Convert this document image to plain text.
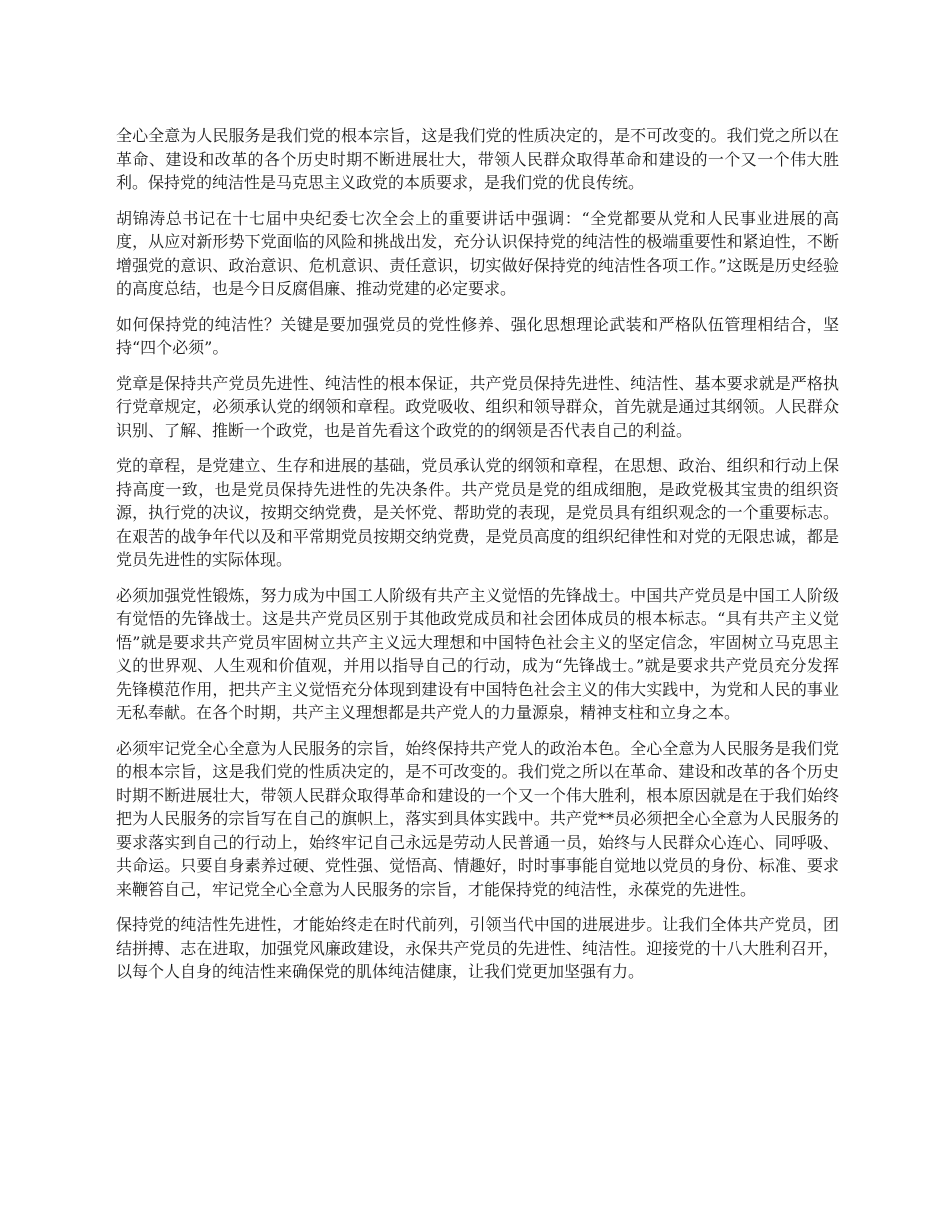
全心全意为人民服务是我们党的根本宗旨，这是我们党的性质决定的，是不可改变的。我们党之所以在革命、建设和改革的各个历史时期不断进展壮大，带领人民群众取得革命和建设的一个又一个伟大胜利。保持党的纯洁性是马克思主义政党的本质要求，是我们党的优良传统。

胡锦涛总书记在十七届中央纪委七次全会上的重要讲话中强调：“全党都要从党和人民事业进展的高度，从应对新形势下党面临的风险和挑战出发，充分认识保持党的纯洁性的极端重要性和紧迫性，不断增强党的意识、政治意识、危机意识、责任意识，切实做好保持党的纯洁性各项工作。”这既是历史经验的高度总结，也是今日反腐倡廉、推动党建的必定要求。

如何保持党的纯洁性？关键是要加强党员的党性修养、强化思想理论武装和严格队伍管理相结合，坚持“四个必须”。

党章是保持共产党员先进性、纯洁性的根本保证，共产党员保持先进性、纯洁性、基本要求就是严格执行党章规定，必须承认党的纲领和章程。政党吸收、组织和领导群众，首先就是通过其纲领。人民群众识别、了解、推断一个政党，也是首先看这个政党的的纲领是否代表自己的利益。

党的章程，是党建立、生存和进展的基础，党员承认党的纲领和章程，在思想、政治、组织和行动上保持高度一致，也是党员保持先进性的先决条件。共产党员是党的组成细胞，是政党极其宝贵的组织资源，执行党的决议，按期交纳党费，是关怀党、帮助党的表现，是党员具有组织观念的一个重要标志。在艰苦的战争年代以及和平常期党员按期交纳党费，是党员高度的组织纪律性和对党的无限忠诚，都是党员先进性的实际体现。

必须加强党性锻炼，努力成为中国工人阶级有共产主义觉悟的先锋战士。中国共产党员是中国工人阶级有觉悟的先锋战士。这是共产党员区别于其他政党成员和社会团体成员的根本标志。“具有共产主义觉悟”就是要求共产党员牢固树立共产主义远大理想和中国特色社会主义的坚定信念，牢固树立马克思主义的世界观、人生观和价值观，并用以指导自己的行动，成为“先锋战士。”就是要求共产党员充分发挥先锋模范作用，把共产主义觉悟充分体现到建设有中国特色社会主义的伟大实践中，为党和人民的事业无私奉献。在各个时期，共产主义理想都是共产党人的力量源泉，精神支柱和立身之本。

必须牢记党全心全意为人民服务的宗旨，始终保持共产党人的政治本色。全心全意为人民服务是我们党的根本宗旨，这是我们党的性质决定的，是不可改变的。我们党之所以在革命、建设和改革的各个历史时期不断进展壮大，带领人民群众取得革命和建设的一个又一个伟大胜利，根本原因就是在于我们始终把为人民服务的宗旨写在自己的旗帜上，落实到具体实践中。共产党**员必须把全心全意为人民服务的要求落实到自己的行动上，始终牢记自己永远是劳动人民普通一员，始终与人民群众心连心、同呼吸、共命运。只要自身素养过硬、党性强、觉悟高、情趣好，时时事事能自觉地以党员的身份、标准、要求来鞭笞自己，牢记党全心全意为人民服务的宗旨，才能保持党的纯洁性，永葆党的先进性。

保持党的纯洁性先进性，才能始终走在时代前列，引领当代中国的进展进步。让我们全体共产党员，团结拼搏、志在进取，加强党风廉政建设，永保共产党员的先进性、纯洁性。迎接党的十八大胜利召开，以每个人自身的纯洁性来确保党的肌体纯洁健康，让我们党更加坚强有力。
